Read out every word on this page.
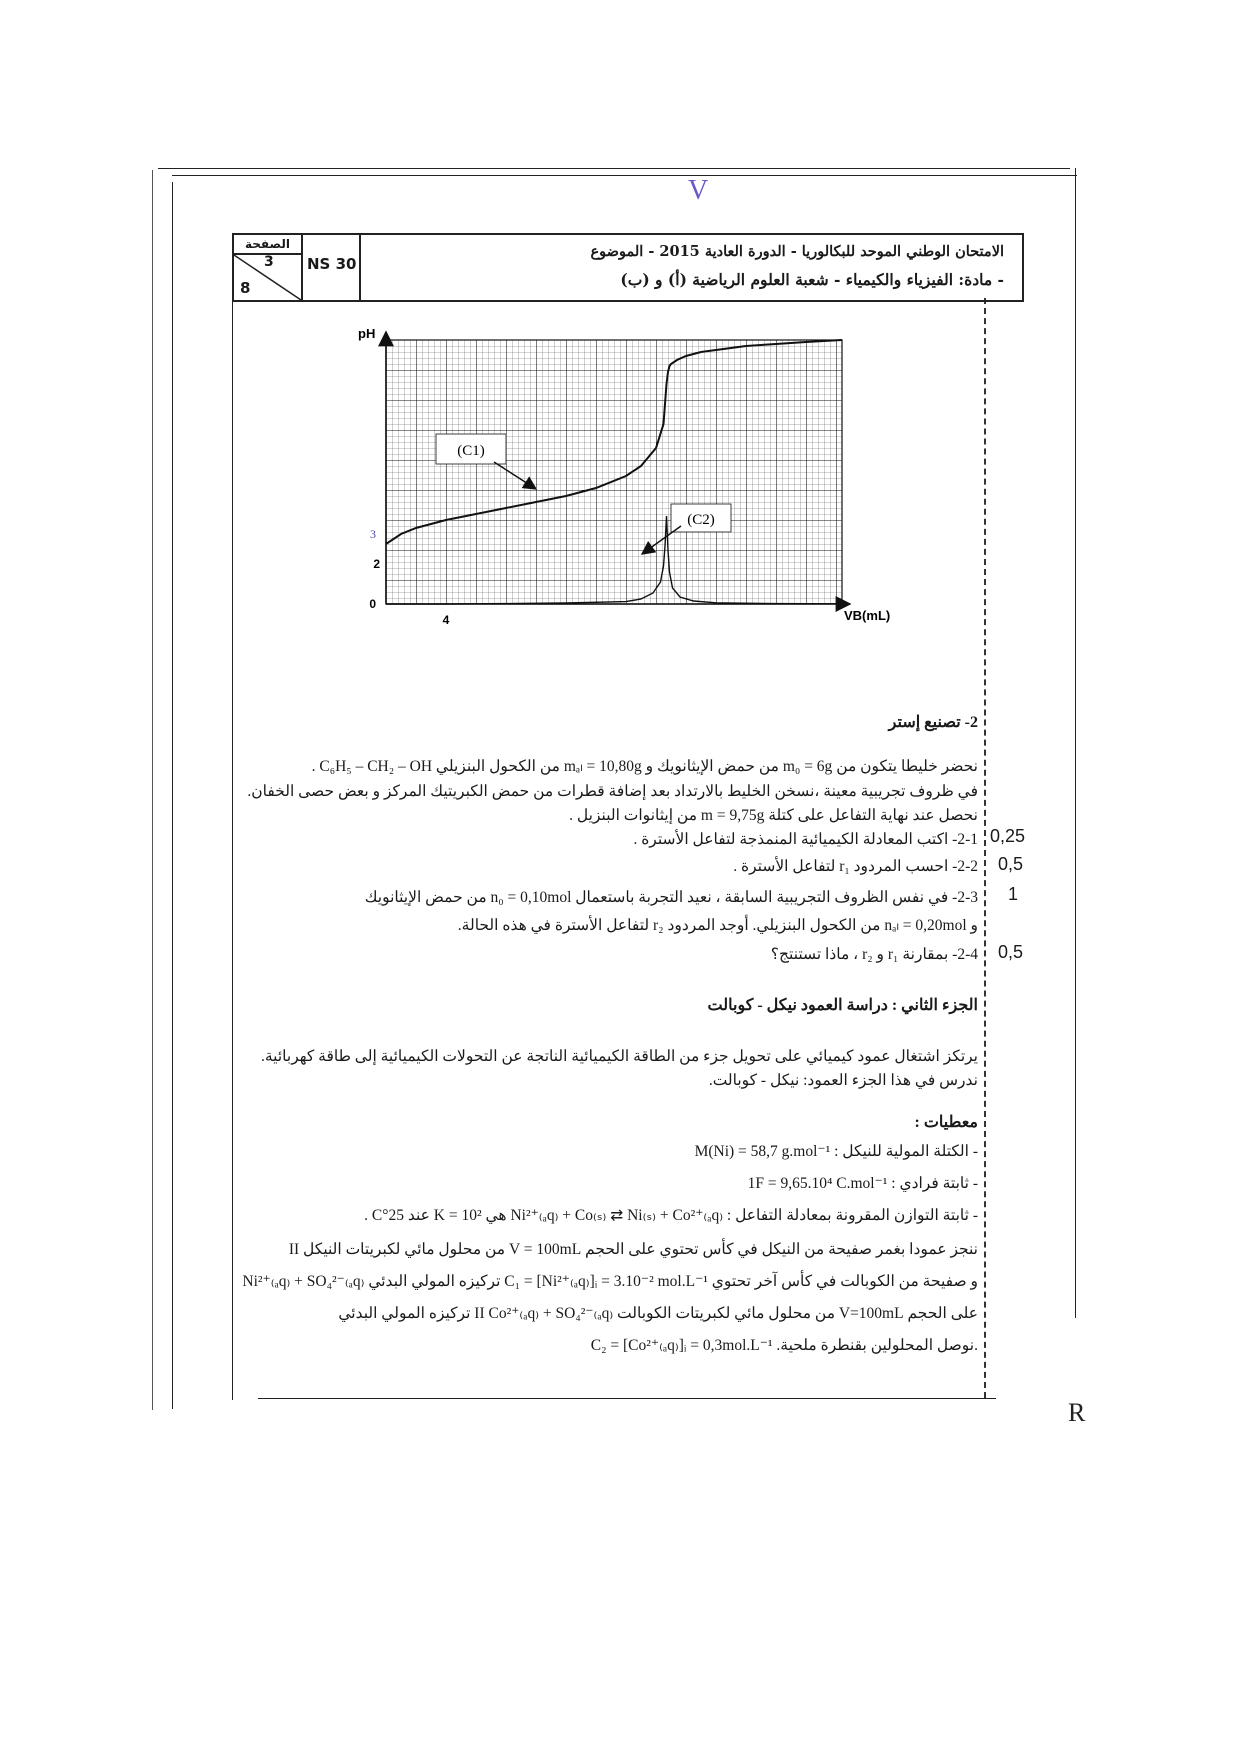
V
R
الصفحة
3
8
NS 30
الامتحان الوطني الموحد للبكالوريا - الدورة العادية 2015 - الموضوع
- مادة: الفيزياء والكيمياء - شعبة العلوم الرياضية (أ) و (ب)
pH
VB(mL)
4
0
2
3
(C1)
(C2)
2- تصنيع إستر
نحضر خليطا يتكون من m₀ = 6g من حمض الإيثانويك و mₐₗ = 10,80g من الكحول البنزيلي C₆H₅ – CH₂ – OH .
في ظروف تجريبية معينة ،نسخن الخليط بالارتداد بعد إضافة قطرات من حمض الكبريتيك المركز و بعض حصى الخفان.
نحصل عند نهاية التفاعل على كتلة m = 9,75g من إيثانوات البنزيل .
2-1- اكتب المعادلة الكيميائية المنمذجة لتفاعل الأسترة .
2-2- احسب المردود r₁ لتفاعل الأسترة .
2-3- في نفس الظروف التجريبية السابقة ، نعيد التجربة باستعمال n₀ = 0,10mol من حمض الإيثانويك
و nₐₗ = 0,20mol من الكحول البنزيلي. أوجد المردود r₂ لتفاعل الأسترة في هذه الحالة.
2-4- بمقارنة r₁ و r₂ ، ماذا تستنتج؟
0,25
0,5
1
0,5
الجزء الثاني : دراسة العمود نيكل - كوبالت
يرتكز اشتغال عمود كيميائي على تحويل جزء من الطاقة الكيميائية الناتجة عن التحولات الكيميائية إلى طاقة كهربائية.
ندرس في هذا الجزء العمود: نيكل - كوبالت.
معطيات :
- الكتلة المولية للنيكل : M(Ni) = 58,7 g.mol⁻¹
- ثابتة فرادي : 1F = 9,65.10⁴ C.mol⁻¹
- ثابتة التوازن المقرونة بمعادلة التفاعل : Ni²⁺₍ₐq₎ + Co₍ₛ₎ ⇄ Ni₍ₛ₎ + Co²⁺₍ₐq₎ هي K = 10² عند 25°C .
ننجز عمودا بغمر صفيحة من النيكل في كأس تحتوي على الحجم V = 100mL من محلول مائي لكبريتات النيكل II
Ni²⁺₍ₐq₎ + SO₄²⁻₍ₐq₎ تركيزه المولي البدئي C₁ = [Ni²⁺₍ₐq₎]ᵢ = 3.10⁻² mol.L⁻¹ و صفيحة من الكوبالت في كأس آخر تحتوي
على الحجم V=100mL من محلول مائي لكبريتات الكوبالت II Co²⁺₍ₐq₎ + SO₄²⁻₍ₐq₎ تركيزه المولي البدئي
C₂ = [Co²⁺₍ₐq₎]ᵢ = 0,3mol.L⁻¹ .نوصل المحلولين بقنطرة ملحية.
